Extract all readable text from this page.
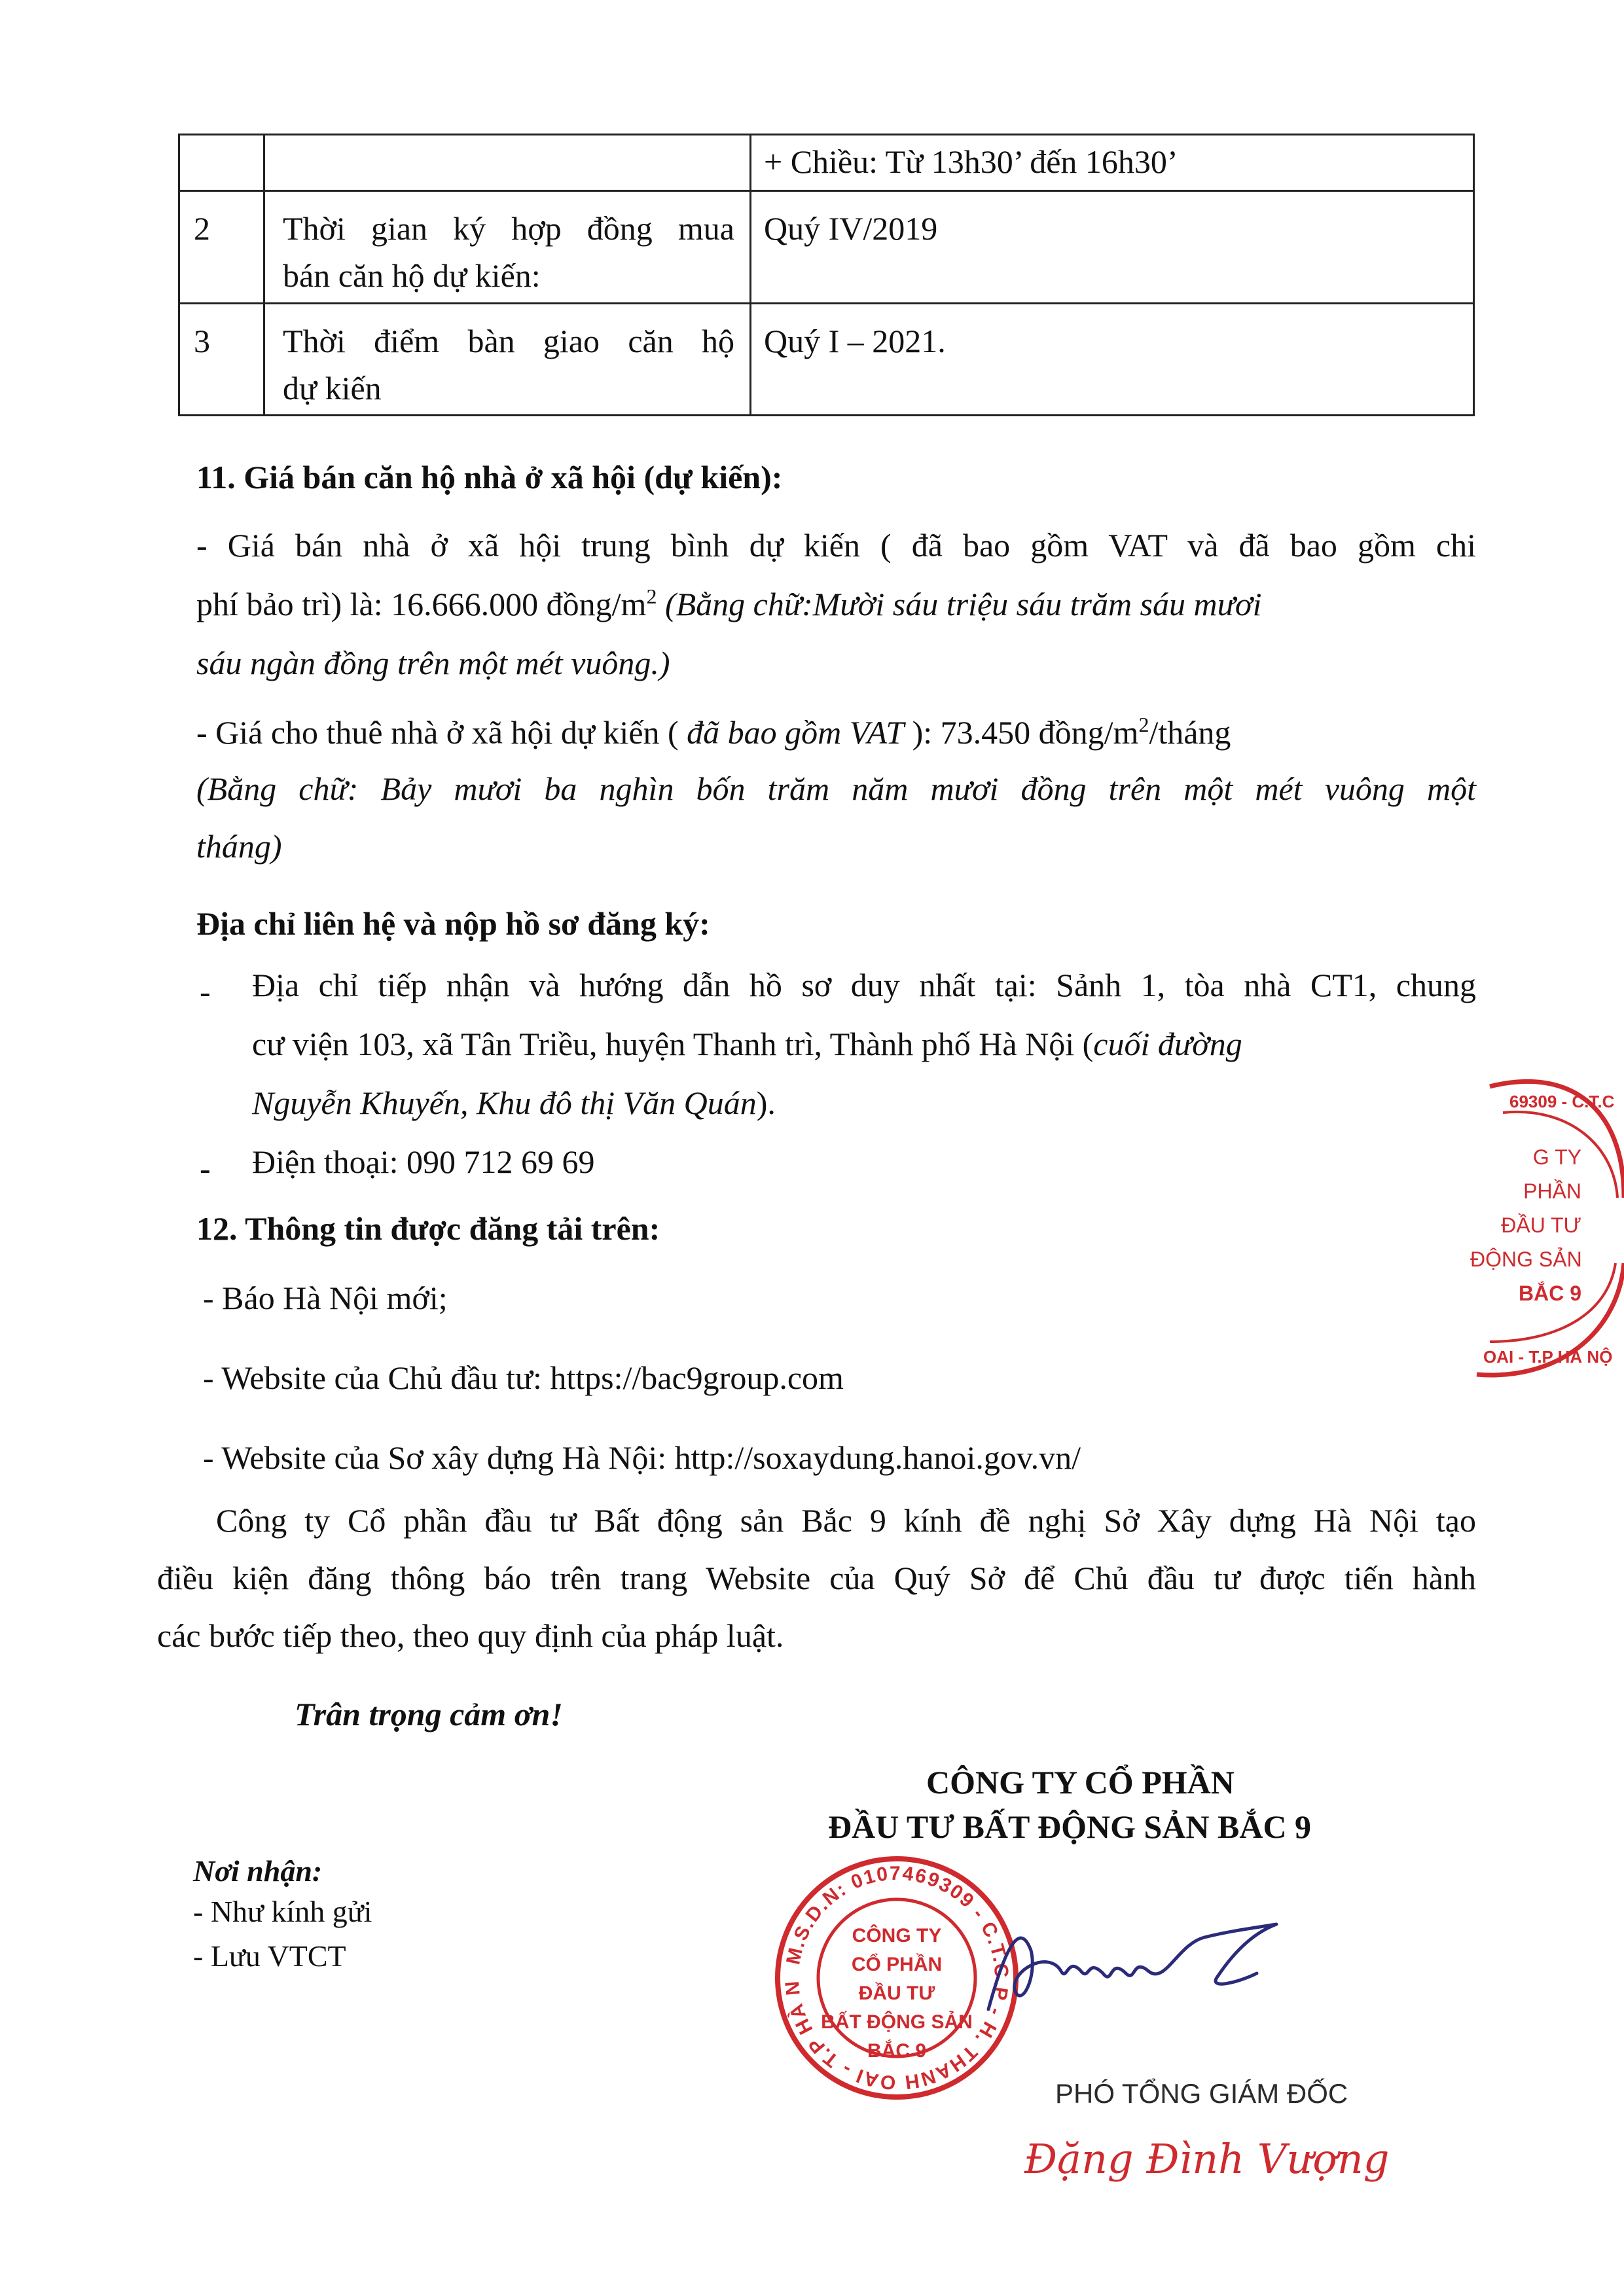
+ Chiều: Từ 13h30’ đến 16h30’
2 Thời gian ký hợp đồng mua
bán căn hộ dự kiến:
Quý IV/2019
3 Thời điểm bàn giao căn hộ
dự kiến
Quý I – 2021.
11. Giá bán căn hộ nhà ở xã hội (dự kiến):
- Giá bán nhà ở xã hội trung bình dự kiến ( đã bao gồm VAT và đã bao gồm chi
phí bảo trì) là: 16.666.000 đồng/$m^2$ (Bằng chữ:Mười sáu triệu sáu trăm sáu mươi
sáu ngàn đồng trên một mét vuông.)
- Giá cho thuê nhà ở xã hội dự kiến ( đã bao gồm VAT ): 73.450 đồng/$m^2$/tháng
(Bằng chữ: Bảy mươi ba nghìn bốn trăm năm mươi đồng trên một mét vuông một
tháng)
Địa chỉ liên hệ và nộp hồ sơ đăng ký:
- Địa chỉ tiếp nhận và hướng dẫn hồ sơ duy nhất tại: Sảnh 1, tòa nhà CT1, chung
cư viện 103, xã Tân Triều, huyện Thanh trì, Thành phố Hà Nội (cuối đường
Nguyễn Khuyến, Khu đô thị Văn Quán).
- Điện thoại: 090 712 69 69
12. Thông tin được đăng tải trên:
- Báo Hà Nội mới;
- Website của Chủ đầu tư: https://bac9group.com
- Website của Sơ xây dựng Hà Nội: http://soxaydung.hanoi.gov.vn/
Công ty Cổ phần đầu tư Bất động sản Bắc 9 kính đề nghị Sở Xây dựng Hà Nội tạo
điều kiện đăng thông báo trên trang Website của Quý Sở để Chủ đầu tư được tiến hành
các bước tiếp theo, theo quy định của pháp luật.
Trân trọng cảm ơn!
CÔNG TY CỔ PHẦN
ĐẦU TƯ BẤT ĐỘNG SẢN BẮC 9
Nơi nhận:
- Như kính gửi
- Lưu VTCT	M.S.D.N: 0107469309 - C.T.C.P - H. THANH OAI - T.P HÀ N
CÔNG TY
CỔ PHẦN
ĐẦU TƯ
BẤT ĐỘNG SẢN
BẮC 9
PHÓ TỔNG GIÁM ĐỐC
Đặng Đình Vượng
69309 - C.T.C
OAI - T.P HÀ NỘ
G TY
PHẦN
ĐẦU TƯ
ĐỘNG SẢN
BẮC 9
